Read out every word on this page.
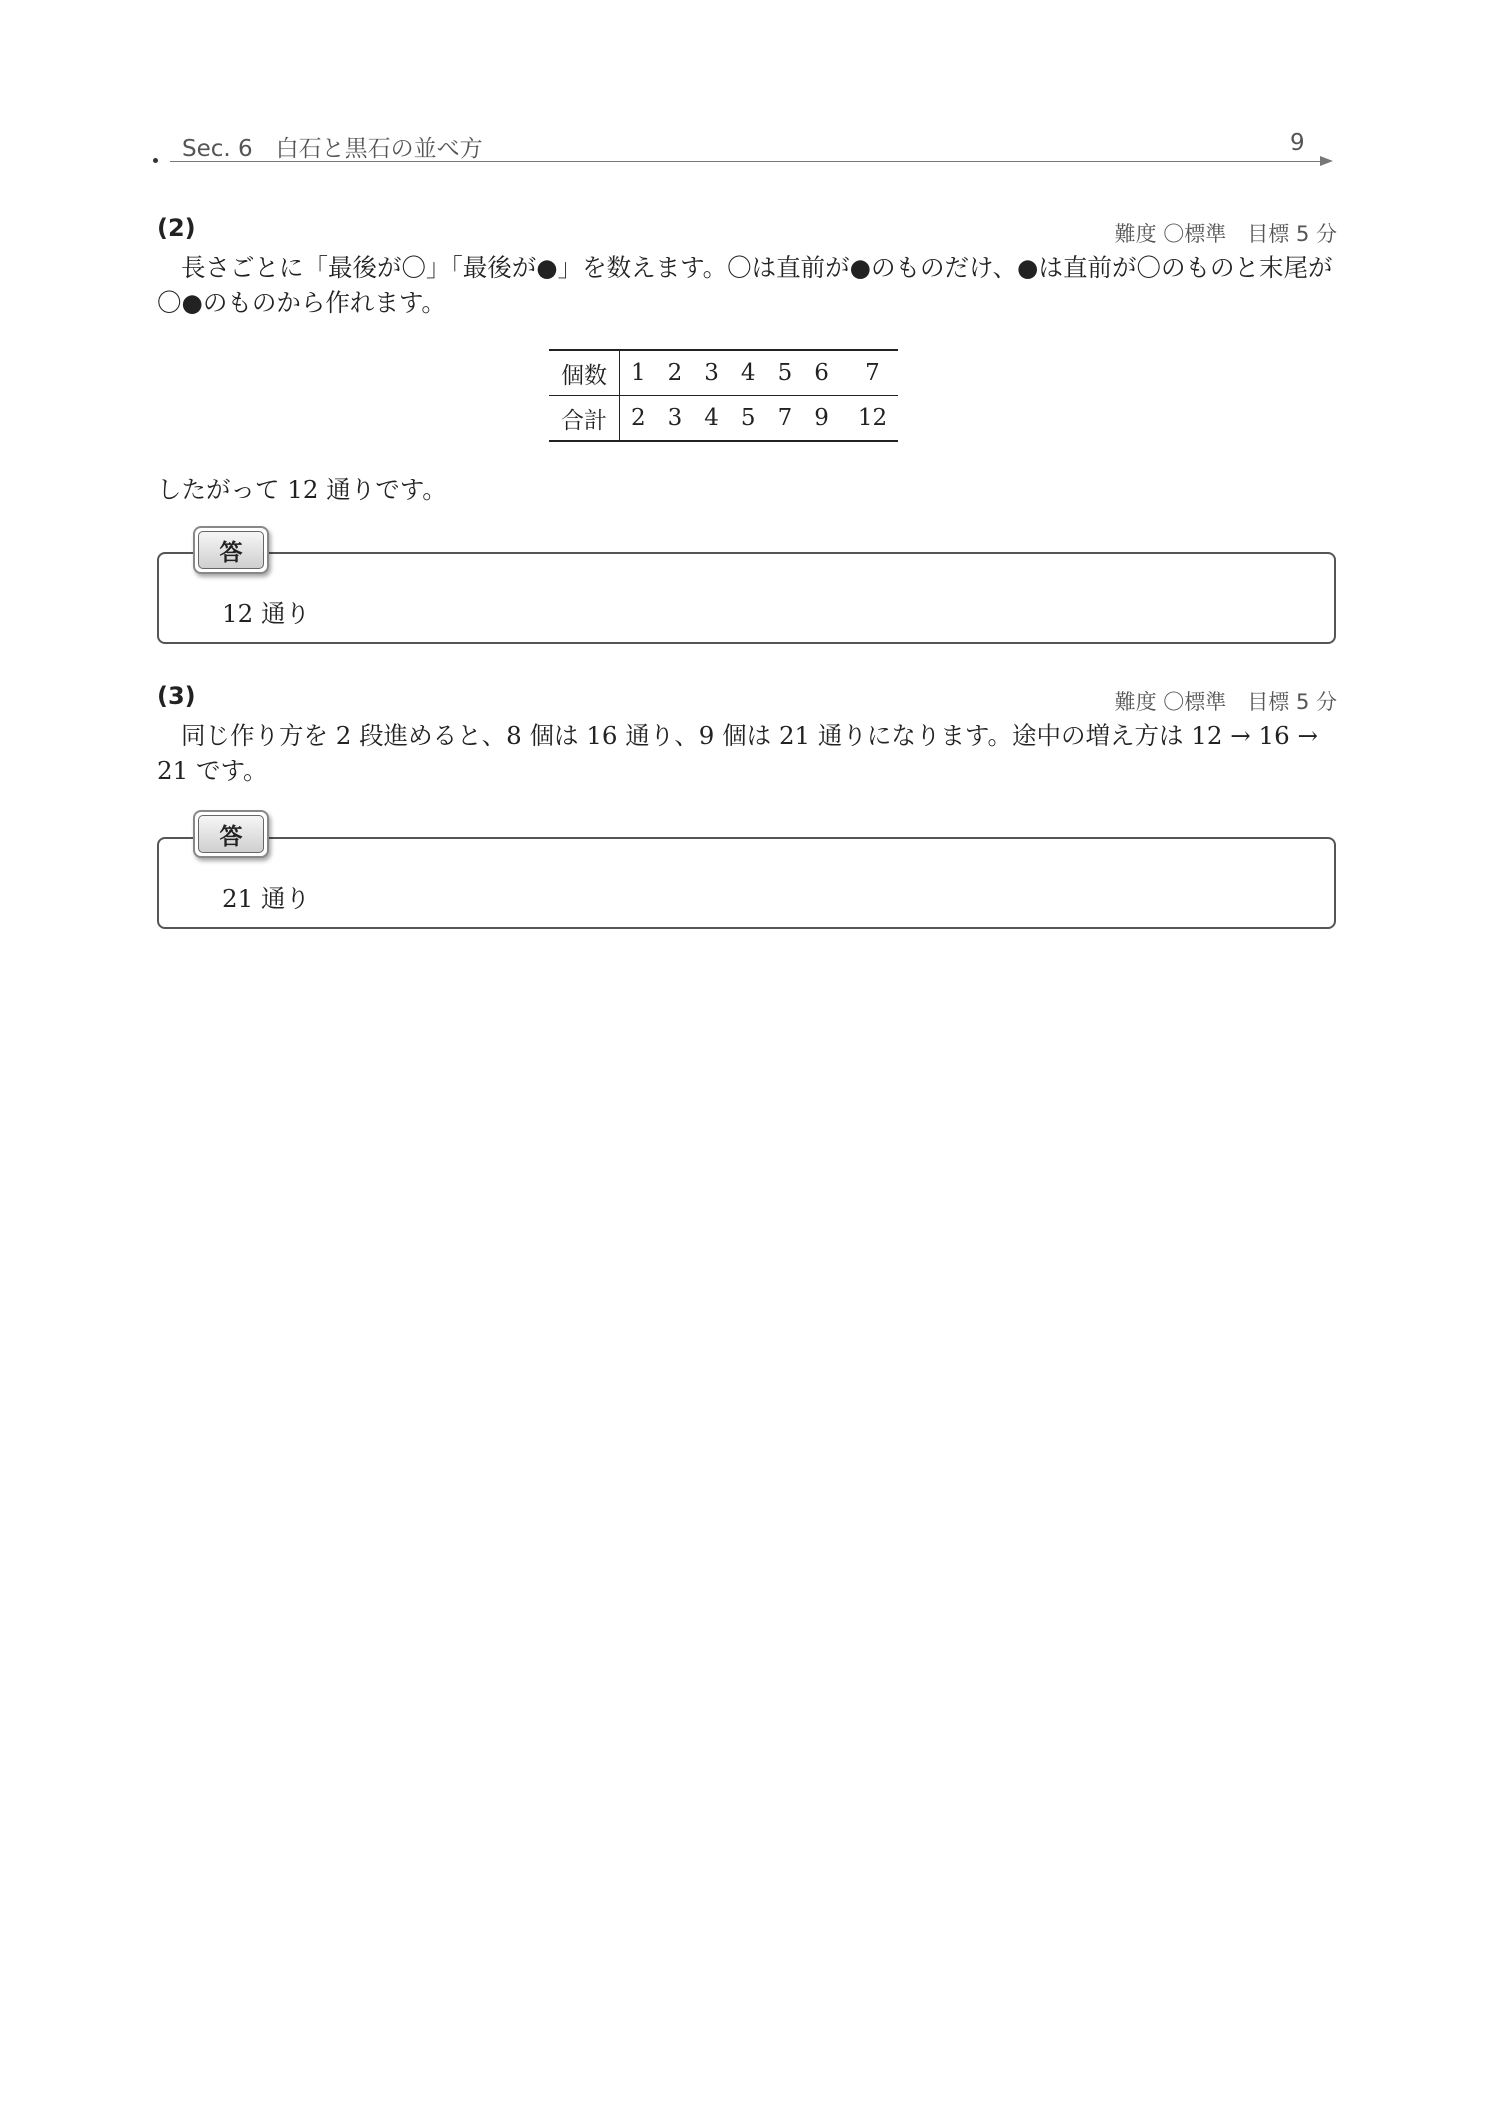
Sec. 6　白石と黒石の並べ方	9
(2)	難度 〇標準　目標 5 分
長さごとに「最後が〇」「最後が●」を数えます。〇は直前が●のものだけ、●は直前が〇のものと末尾が〇●のものから作れます。
個数	1	2	3	4	5	6	7
合計	2	3	4	5	7	9	12
したがって 12 通りです。
答
12 通り
(3)	難度 〇標準　目標 5 分
同じ作り方を 2 段進めると、8 個は 16 通り、9 個は 21 通りになります。途中の増え方は 12 → 16 → 21 です。
答
21 通り
